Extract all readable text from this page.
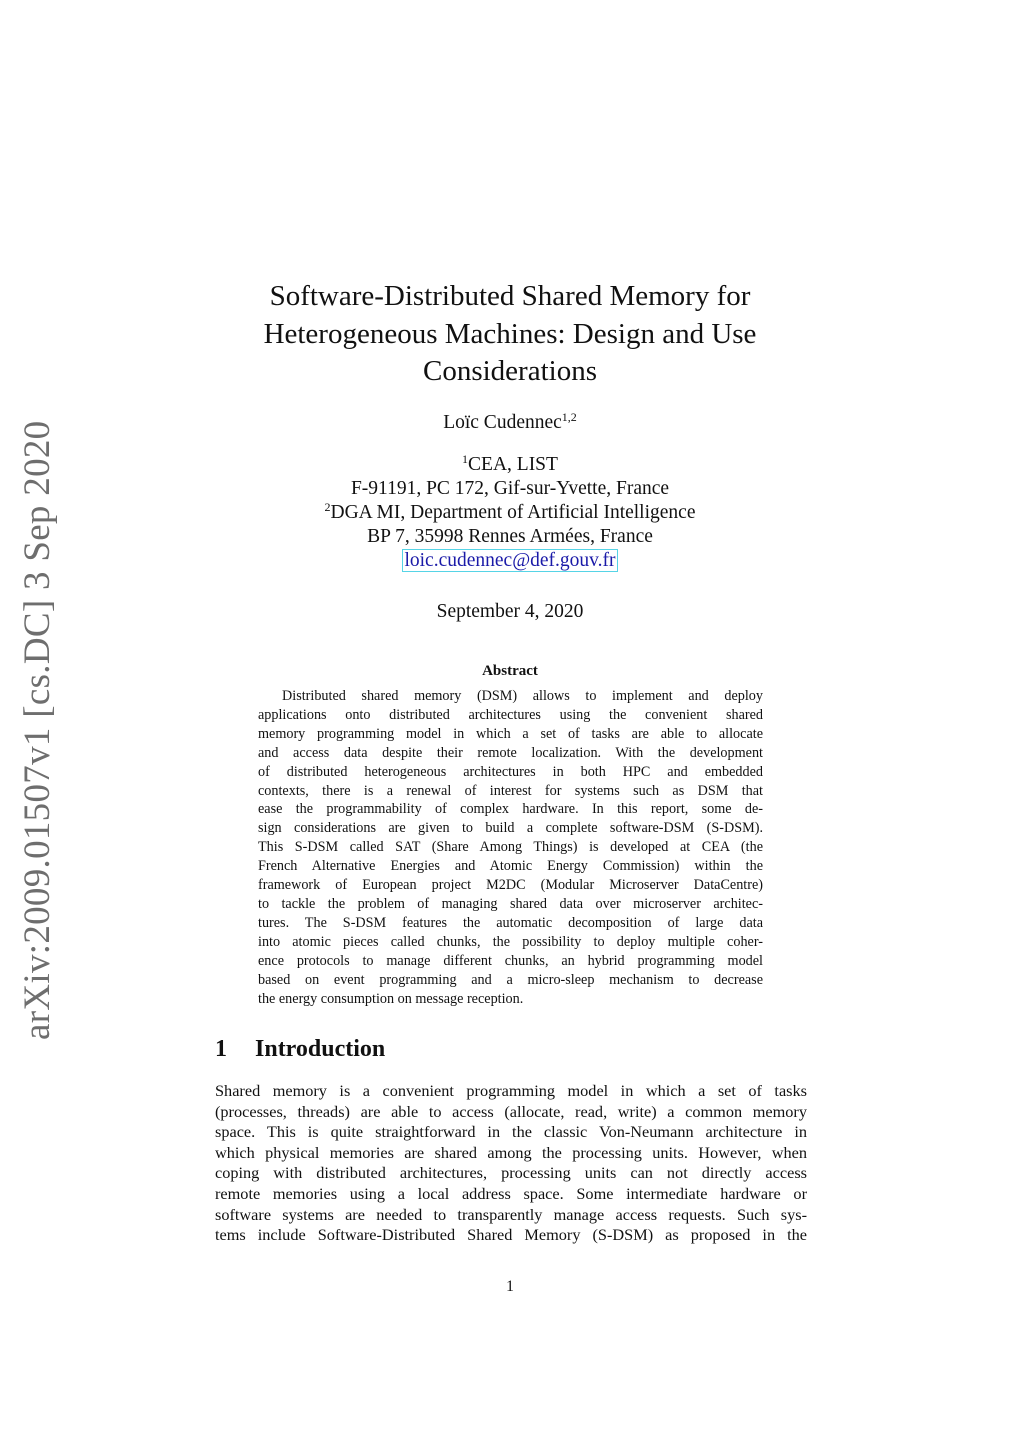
arXiv:2009.01507v1 [cs.DC] 3 Sep 2020
Software-Distributed Shared Memory for
Heterogeneous Machines: Design and Use
Considerations
Loïc Cudennec$^{1,2}$
$^1$CEA, LIST
F-91191, PC 172, Gif-sur-Yvette, France
$^2$DGA MI, Department of Artificial Intelligence
BP 7, 35998 Rennes Armées, France
loic.cudennec@def.gouv.fr
September 4, 2020
Abstract
Distributed shared memory (DSM) allows to implement and deploy
applications onto distributed architectures using the convenient shared
memory programming model in which a set of tasks are able to allocate
and access data despite their remote localization. With the development
of distributed heterogeneous architectures in both HPC and embedded
contexts, there is a renewal of interest for systems such as DSM that
ease the programmability of complex hardware. In this report, some de-
sign considerations are given to build a complete software-DSM (S-DSM).
This S-DSM called SAT (Share Among Things) is developed at CEA (the
French Alternative Energies and Atomic Energy Commission) within the
framework of European project M2DC (Modular Microserver DataCentre)
to tackle the problem of managing shared data over microserver architec-
tures. The S-DSM features the automatic decomposition of large data
into atomic pieces called chunks, the possibility to deploy multiple coher-
ence protocols to manage different chunks, an hybrid programming model
based on event programming and a micro-sleep mechanism to decrease
the energy consumption on message reception.
1 Introduction
Shared memory is a convenient programming model in which a set of tasks
(processes, threads) are able to access (allocate, read, write) a common memory
space. This is quite straightforward in the classic Von-Neumann architecture in
which physical memories are shared among the processing units. However, when
coping with distributed architectures, processing units can not directly access
remote memories using a local address space. Some intermediate hardware or
software systems are needed to transparently manage access requests. Such sys-
tems include Software-Distributed Shared Memory (S-DSM) as proposed in the
1
